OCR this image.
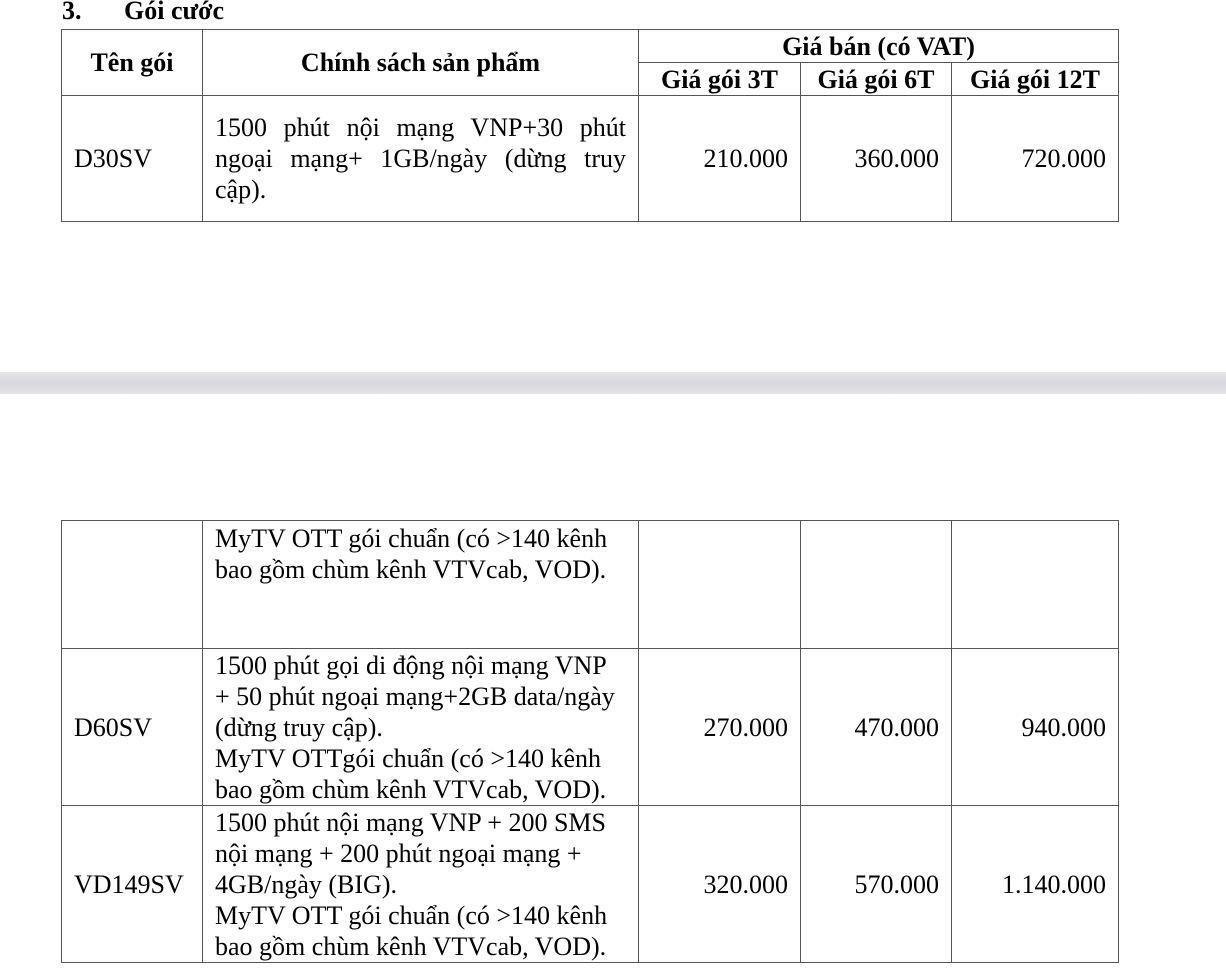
3. Gói cước
Tên gói	Chính sách sản phẩm	Giá bán (có VAT)		
		Giá gói 3T	Giá gói 6T	Giá gói 12T
D30SV	1500 phút nội mạng VNP+30 phút ngoại mạng+ 1GB/ngày (dừng truy cập).	210.000	360.000	720.000
	MyTV OTT gói chuẩn (có >140 kênh bao gồm chùm kênh VTVcab, VOD).			
D60SV	1500 phút gọi di động nội mạng VNP
+ 50 phút ngoại mạng+2GB data/ngày
(dừng truy cập).
MyTV OTTgói chuẩn (có >140 kênh
bao gồm chùm kênh VTVcab, VOD).	270.000	470.000	940.000
VD149SV	1500 phút nội mạng VNP + 200 SMS
nội mạng + 200 phút ngoại mạng +
4GB/ngày (BIG).
MyTV OTT gói chuẩn (có >140 kênh
bao gồm chùm kênh VTVcab, VOD).	320.000	570.000	1.140.000
